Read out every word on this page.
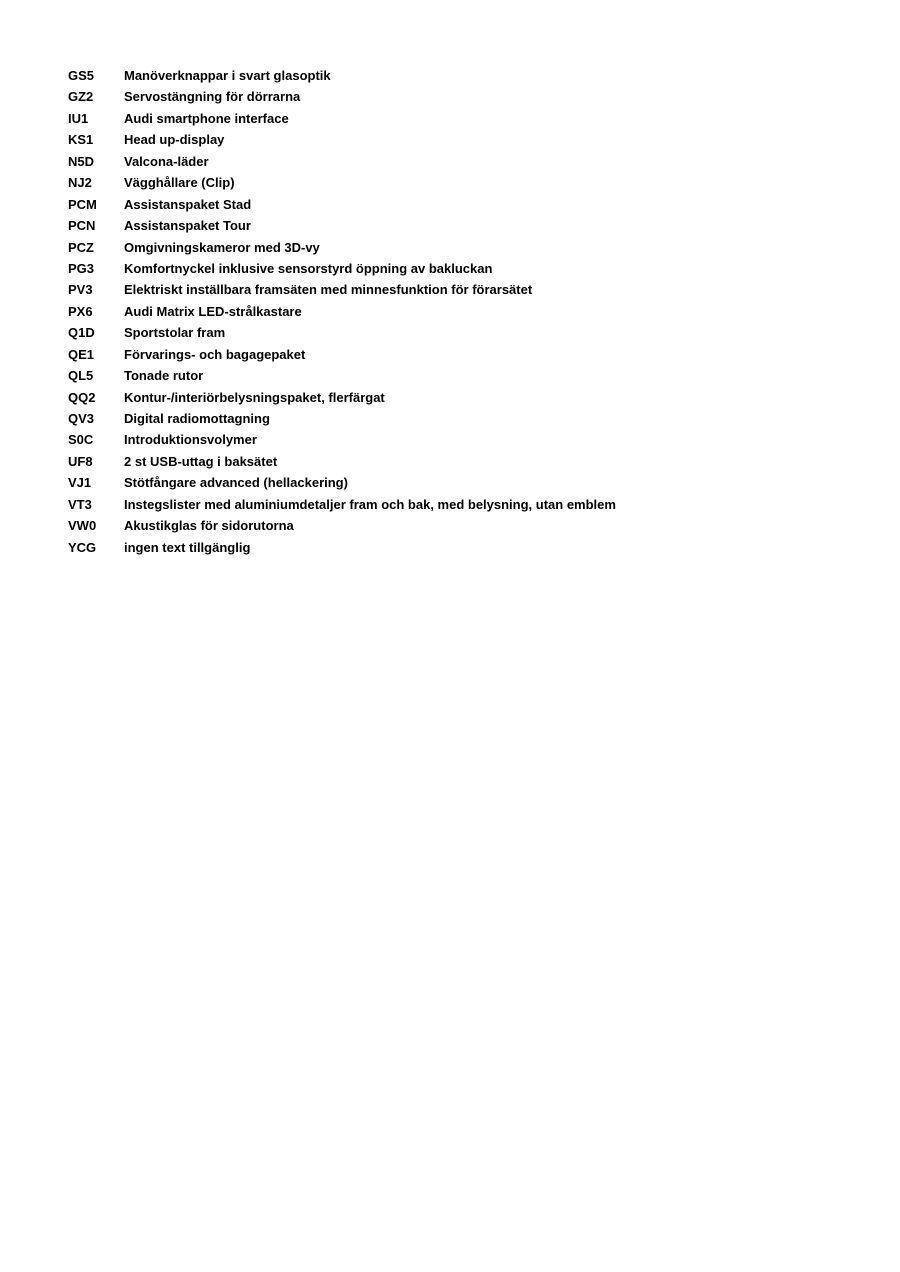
GS5	Manöverknappar i svart glasoptik
GZ2	Servostängning för dörrarna
IU1	Audi smartphone interface
KS1	Head up-display
N5D	Valcona-läder
NJ2	Vägghållare (Clip)
PCM	Assistanspaket Stad
PCN	Assistanspaket Tour
PCZ	Omgivningskameror med 3D-vy
PG3	Komfortnyckel inklusive sensorstyrd öppning av bakluckan
PV3	Elektriskt inställbara framsäten med minnesfunktion för förarsätet
PX6	Audi Matrix LED-strålkastare
Q1D	Sportstolar fram
QE1	Förvarings- och bagagepaket
QL5	Tonade rutor
QQ2	Kontur-/interiörbelysningspaket, flerfärgat
QV3	Digital radiomottagning
S0C	Introduktionsvolymer
UF8	2 st USB-uttag i baksätet
VJ1	Stötfångare advanced (hellackering)
VT3	Instegslister med aluminiumdetaljer fram och bak, med belysning, utan emblem
VW0	Akustikglas för sidorutorna
YCG	ingen text tillgänglig
